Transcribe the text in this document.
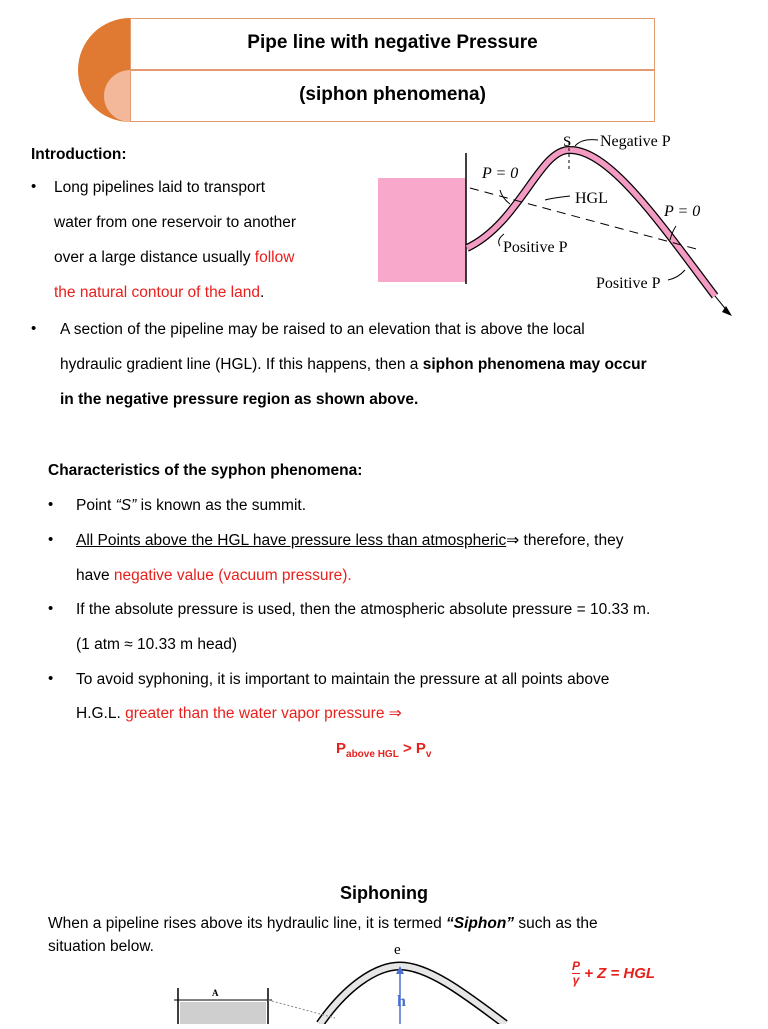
Pipe line with negative Pressure
(siphon phenomena)
Introduction:
• Long pipelines laid to transport
water from one reservoir to another
over a large distance usually follow
the natural contour of the land.
S Negative P
P = 0
HGL
P = 0
Positive P
Positive P
• A section of the pipeline may be raised to an elevation that is above the local
hydraulic gradient line (HGL). If this happens, then a siphon phenomena may occur
in the negative pressure region as shown above.
Characteristics of the syphon phenomena:
• Point “S” is known as the summit.
• All Points above the HGL have pressure less than atmospheric⇒ therefore, they
have negative value (vacuum pressure).
• If the absolute pressure is used, then the atmospheric absolute pressure = 10.33 m.
(1 atm ≈ 10.33 m head)
• To avoid syphoning, it is important to maintain the pressure at all points above
H.G.L. greater than the water vapor pressure ⇒
$P_{above HGL} > P_v$
Siphoning
When a pipeline rises above its hydraulic line, it is termed “Siphon” such as the
situation below.	e
h
A
$\frac{P}{\gamma} + Z$ = HGL
